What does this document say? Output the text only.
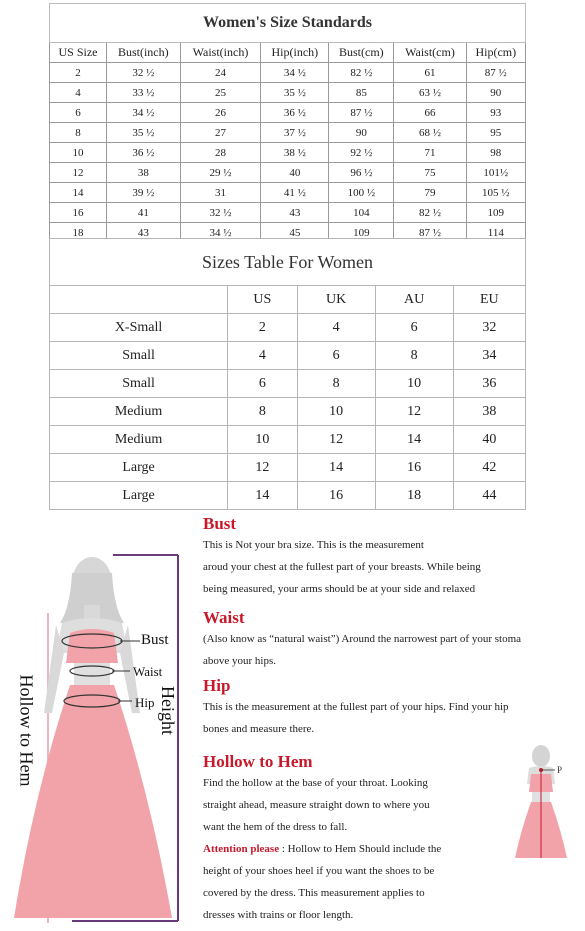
Women's Size Standards						
US Size	Bust(inch)	Waist(inch)	Hip(inch)	Bust(cm)	Waist(cm)	Hip(cm)
2	32 ½	24	34 ½	82 ½	61	87 ½
4	33 ½	25	35 ½	85	63 ½	90
6	34 ½	26	36 ½	87 ½	66	93
8	35 ½	27	37 ½	90	68 ½	95
10	36 ½	28	38 ½	92 ½	71	98
12	38	29 ½	40	96 ½	75	101½
14	39 ½	31	41 ½	100 ½	79	105 ½
16	41	32 ½	43	104	82 ½	109
18	43	34 ½	45	109	87 ½	114
Sizes Table For Women				
	US	UK	AU	EU
X-Small	2	4	6	32
Small	4	6	8	34
Small	6	8	10	36
Medium	8	10	12	38
Medium	10	12	14	40
Large	12	14	16	42
Large	14	16	18	44
Bust
Waist
Hip Height
Hollow to Hem	P
Bust
This is Not your bra size. This is the measurement
aroud your chest at the fullest part of your breasts. While being
being measured, your arms should be at your side and relaxed
Waist
(Also know as “natural waist”) Around the narrowest part of your stoma
above your hips.
Hip
This is the measurement at the fullest part of your hips. Find your hip
bones and measure there.
Hollow to Hem
Find the hollow at the base of your throat. Looking
straight ahead, measure straight down to where you
want the hem of the dress to fall.
Attention please : Hollow to Hem Should include the
height of your shoes heel if you want the shoes to be
covered by the dress. This measurement applies to
dresses with trains or floor length.
